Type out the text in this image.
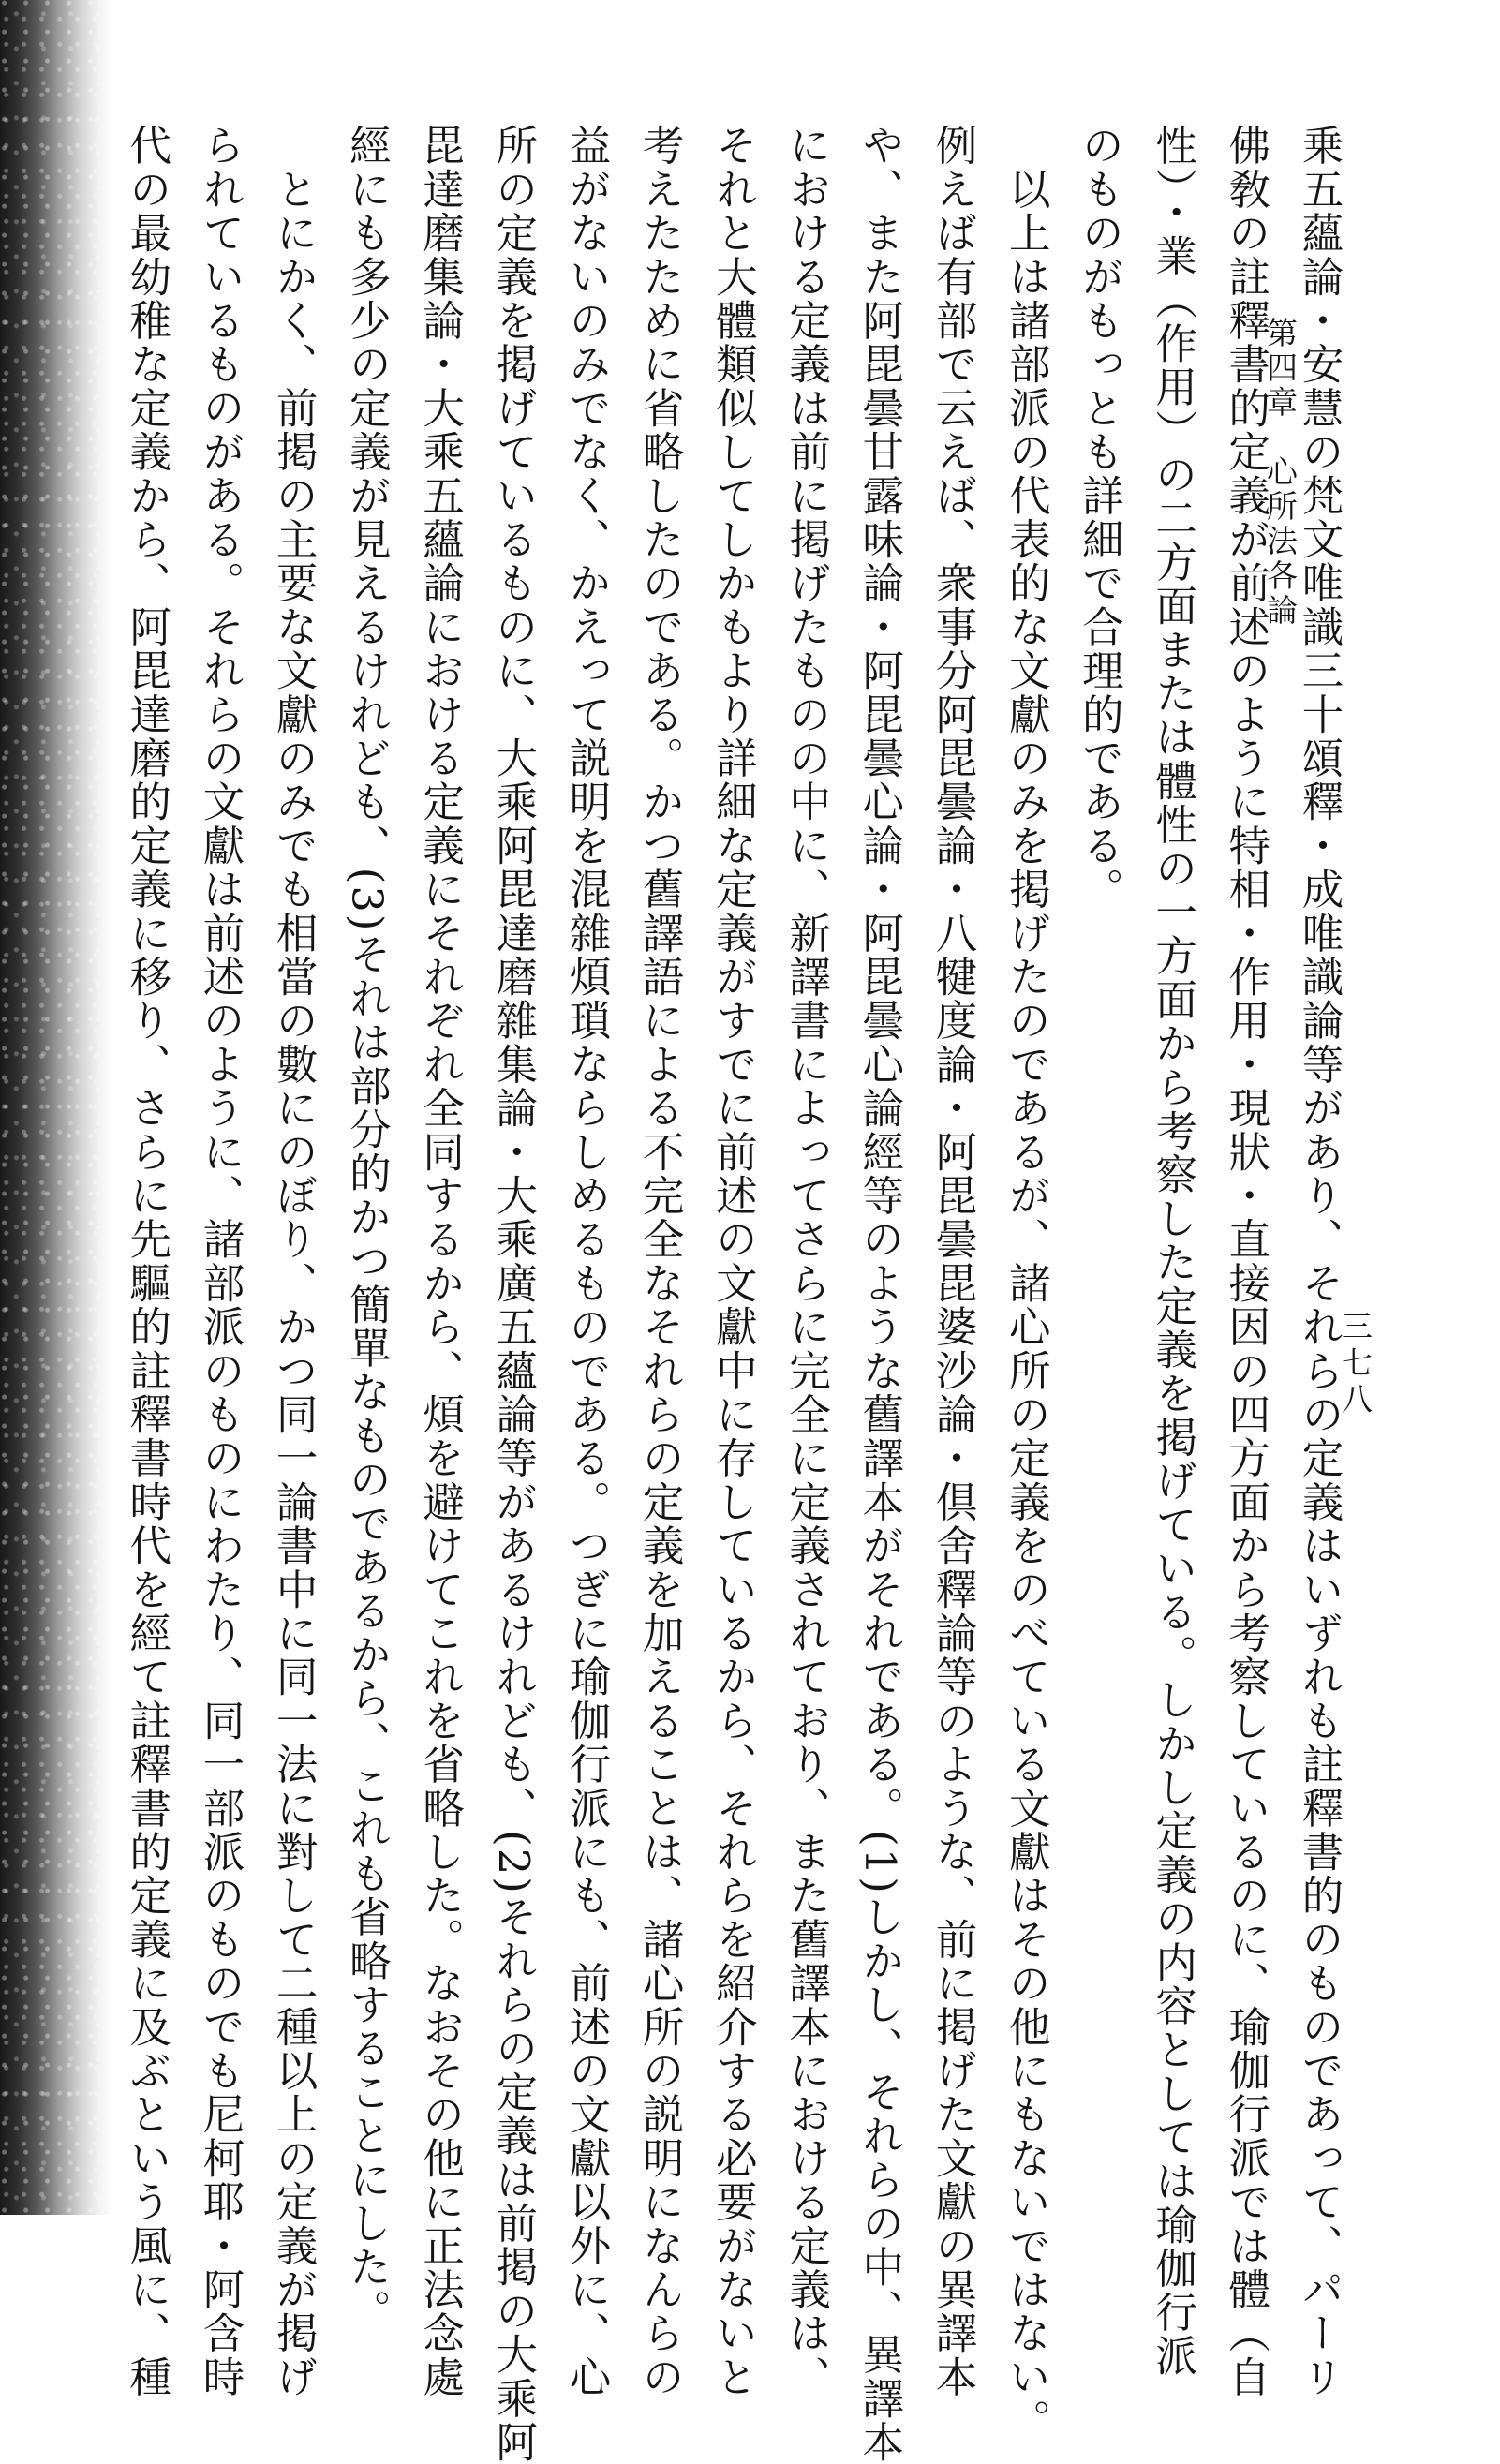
第四章　心所法各論
三七八
乗五蘊論・安慧の梵文唯識三十頌釋・成唯識論等があり、それらの定義はいずれも註釋書的のものであって、パーリ
佛敎の註釋書的定義が前述のように特相・作用・現狀・直接因の四方面から考察しているのに、瑜伽行派では體（自
性）・業（作用）の二方面または體性の一方面から考察した定義を掲げている。しかし定義の内容としては瑜伽行派
のものがもっとも詳細で合理的である。
　以上は諸部派の代表的な文獻のみを掲げたのであるが、諸心所の定義をのべている文獻はその他にもないではない。
例えば有部で云えば、衆事分阿毘曇論・八犍度論・阿毘曇毘婆沙論・倶舍釋論等のような、前に掲げた文獻の異譯本
や、また阿毘曇甘露味論・阿毘曇心論・阿毘曇心論經等のような舊譯本がそれである。(1)しかし、それらの中、異譯本
における定義は前に掲げたものの中に、新譯書によってさらに完全に定義されており、また舊譯本における定義は、
それと大體類似してしかもより詳細な定義がすでに前述の文獻中に存しているから、それらを紹介する必要がないと
考えたために省略したのである。かつ舊譯語による不完全なそれらの定義を加えることは、諸心所の説明になんらの
益がないのみでなく、かえって説明を混雜煩瑣ならしめるものである。つぎに瑜伽行派にも、前述の文獻以外に、心
所の定義を掲げているものに、大乘阿毘達磨雜集論・大乘廣五蘊論等があるけれども、(2)それらの定義は前掲の大乘阿
毘達磨集論・大乘五蘊論における定義にそれぞれ全同するから、煩を避けてこれを省略した。なおその他に正法念處
經にも多少の定義が見えるけれども、(3)それは部分的かつ簡單なものであるから、これも省略することにした。
　とにかく、前掲の主要な文獻のみでも相當の數にのぼり、かつ同一論書中に同一法に對して二種以上の定義が掲げ
られているものがある。それらの文獻は前述のように、諸部派のものにわたり、同一部派のものでも尼柯耶・阿含時
代の最幼稚な定義から、阿毘達磨的定義に移り、さらに先驅的註釋書時代を經て註釋書的定義に及ぶという風に、種
